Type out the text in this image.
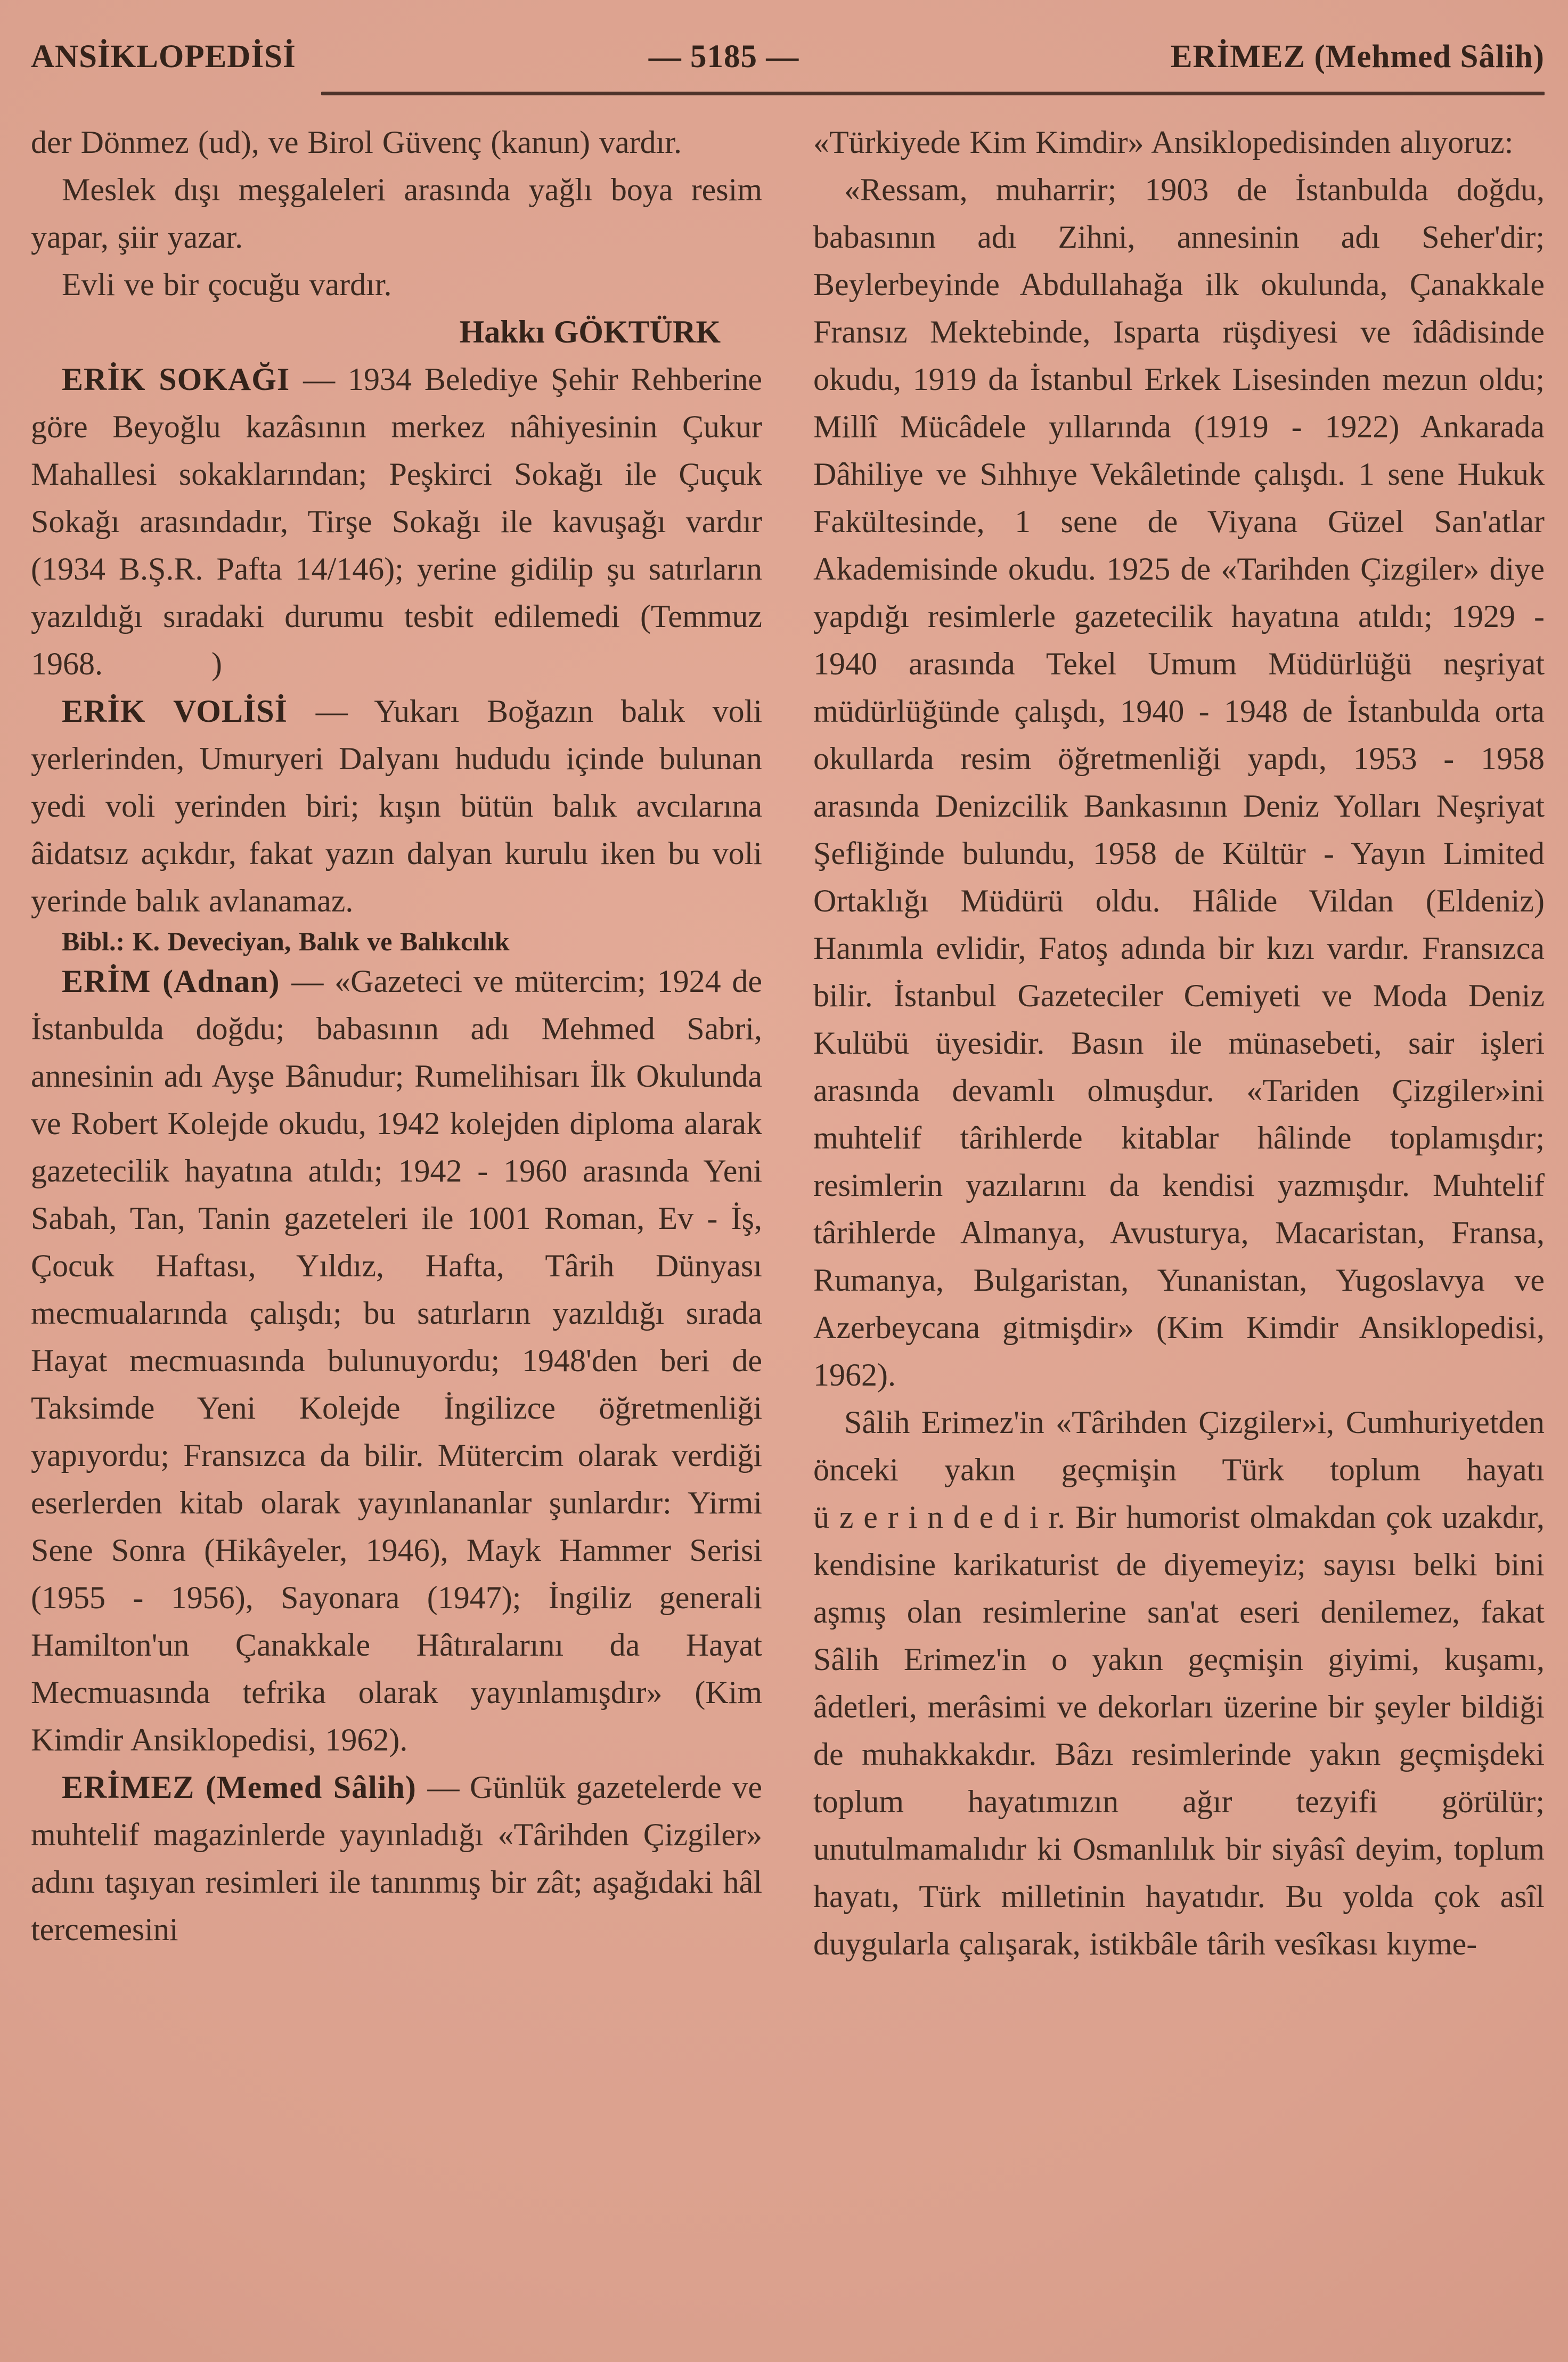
ANSİKLOPEDİSİ	— 5185 —	ERİMEZ (Mehmed Sâlih)

der Dönmez (ud), ve Birol Güvenç (kanun) vardır.

Meslek dışı meşgaleleri arasında yağlı boya resim yapar, şiir yazar.

Evli ve bir çocuğu vardır.

Hakkı GÖKTÜRK

ERİK SOKAĞI — 1934 Belediye Şehir Rehberine göre Beyoğlu kazâsının merkez nâhiyesinin Çukur Mahallesi sokaklarından; Peşkirci Sokağı ile Çuçuk Sokağı arasındadır, Tirşe Sokağı ile kavuşağı vardır (1934 B.Ş.R. Pafta 14/146); yerine gidilip şu satırların yazıldığı sıradaki durumu tesbit edilemedi (Temmuz 1968.            )

ERİK VOLİSİ — Yukarı Boğazın balık voli yerlerinden, Umuryeri Dalyanı hududu içinde bulunan yedi voli yerinden biri; kışın bütün balık avcılarına âidatsız açıkdır, fakat yazın dalyan kurulu iken bu voli yerinde balık avlanamaz.

Bibl.: K. Deveciyan, Balık ve Balıkcılık

ERİM (Adnan) — «Gazeteci ve mütercim; 1924 de İstanbulda doğdu; babasının adı Mehmed Sabri, annesinin adı Ayşe Bânudur; Rumelihisarı İlk Okulunda ve Robert Kolejde okudu, 1942 kolejden diploma alarak gazetecilik hayatına atıldı; 1942 - 1960 arasında Yeni Sabah, Tan, Tanin gazeteleri ile 1001 Roman, Ev - İş, Çocuk Haftası, Yıldız, Hafta, Târih Dünyası mecmualarında çalışdı; bu satırların yazıldığı sırada Hayat mecmuasında bulunuyordu; 1948'den beri de Taksimde Yeni Kolejde İngilizce öğretmenliği yapıyordu; Fransızca da bilir. Mütercim olarak verdiği eserlerden kitab olarak yayınlananlar şunlardır: Yirmi Sene Sonra (Hikâyeler, 1946), Mayk Hammer Serisi (1955 - 1956), Sayonara (1947); İngiliz generali Hamilton'un Çanakkale Hâtıralarını da Hayat Mecmuasında tefrika olarak yayınlamışdır» (Kim Kimdir Ansiklopedisi, 1962).

ERİMEZ (Memed Sâlih) — Günlük gazetelerde ve muhtelif magazinlerde yayınladığı «Târihden Çizgiler» adını taşıyan resimleri ile tanınmış bir zât; aşağıdaki hâl tercemesini

«Türkiyede Kim Kimdir» Ansiklopedisinden alıyoruz:

«Ressam, muharrir; 1903 de İstanbulda doğdu, babasının adı Zihni, annesinin adı Seher'dir; Beylerbeyinde Abdullahağa ilk okulunda, Çanakkale Fransız Mektebinde, Isparta rüşdiyesi ve îdâdisinde okudu, 1919 da İstanbul Erkek Lisesinden mezun oldu; Millî Mücâdele yıllarında (1919 - 1922) Ankarada Dâhiliye ve Sıhhıye Vekâletinde çalışdı. 1 sene Hukuk Fakültesinde, 1 sene de Viyana Güzel San'atlar Akademisinde okudu. 1925 de «Tarihden Çizgiler» diye yapdığı resimlerle gazetecilik hayatına atıldı; 1929 - 1940 arasında Tekel Umum Müdürlüğü neşriyat müdürlüğünde çalışdı, 1940 - 1948 de İstanbulda orta okullarda resim öğretmenliği yapdı, 1953 - 1958 arasında Denizcilik Bankasının Deniz Yolları Neşriyat Şefliğinde bulundu, 1958 de Kültür - Yayın Limited Ortaklığı Müdürü oldu. Hâlide Vildan (Eldeniz) Hanımla evlidir, Fatoş adında bir kızı vardır. Fransızca bilir. İstanbul Gazeteciler Cemiyeti ve Moda Deniz Kulübü üyesidir. Basın ile münasebeti, sair işleri arasında devamlı olmuşdur. «Tariden Çizgiler»ini muhtelif târihlerde kitablar hâlinde toplamışdır; resimlerin yazılarını da kendisi yazmışdır. Muhtelif târihlerde Almanya, Avusturya, Macaristan, Fransa, Rumanya, Bulgaristan, Yunanistan, Yugoslavya ve Azerbeycana gitmişdir» (Kim Kimdir Ansiklopedisi, 1962).

Sâlih Erimez'in «Târihden Çizgiler»i, Cumhuriyetden önceki yakın geçmişin Türk toplum hayatı ü z e r i n d e d i r. Bir humorist olmakdan çok uzakdır, kendisine karikaturist de diyemeyiz; sayısı belki bini aşmış olan resimlerine san'at eseri denilemez, fakat Sâlih Erimez'in o yakın geçmişin giyimi, kuşamı, âdetleri, merâsimi ve dekorları üzerine bir şeyler bildiği de muhakkakdır. Bâzı resimlerinde yakın geçmişdeki toplum hayatımızın ağır tezyifi görülür; unutulmamalıdır ki Osmanlılık bir siyâsî deyim, toplum hayatı, Türk milletinin hayatıdır. Bu yolda çok asîl duygularla çalışarak, istikbâle târih vesîkası kıyme-
